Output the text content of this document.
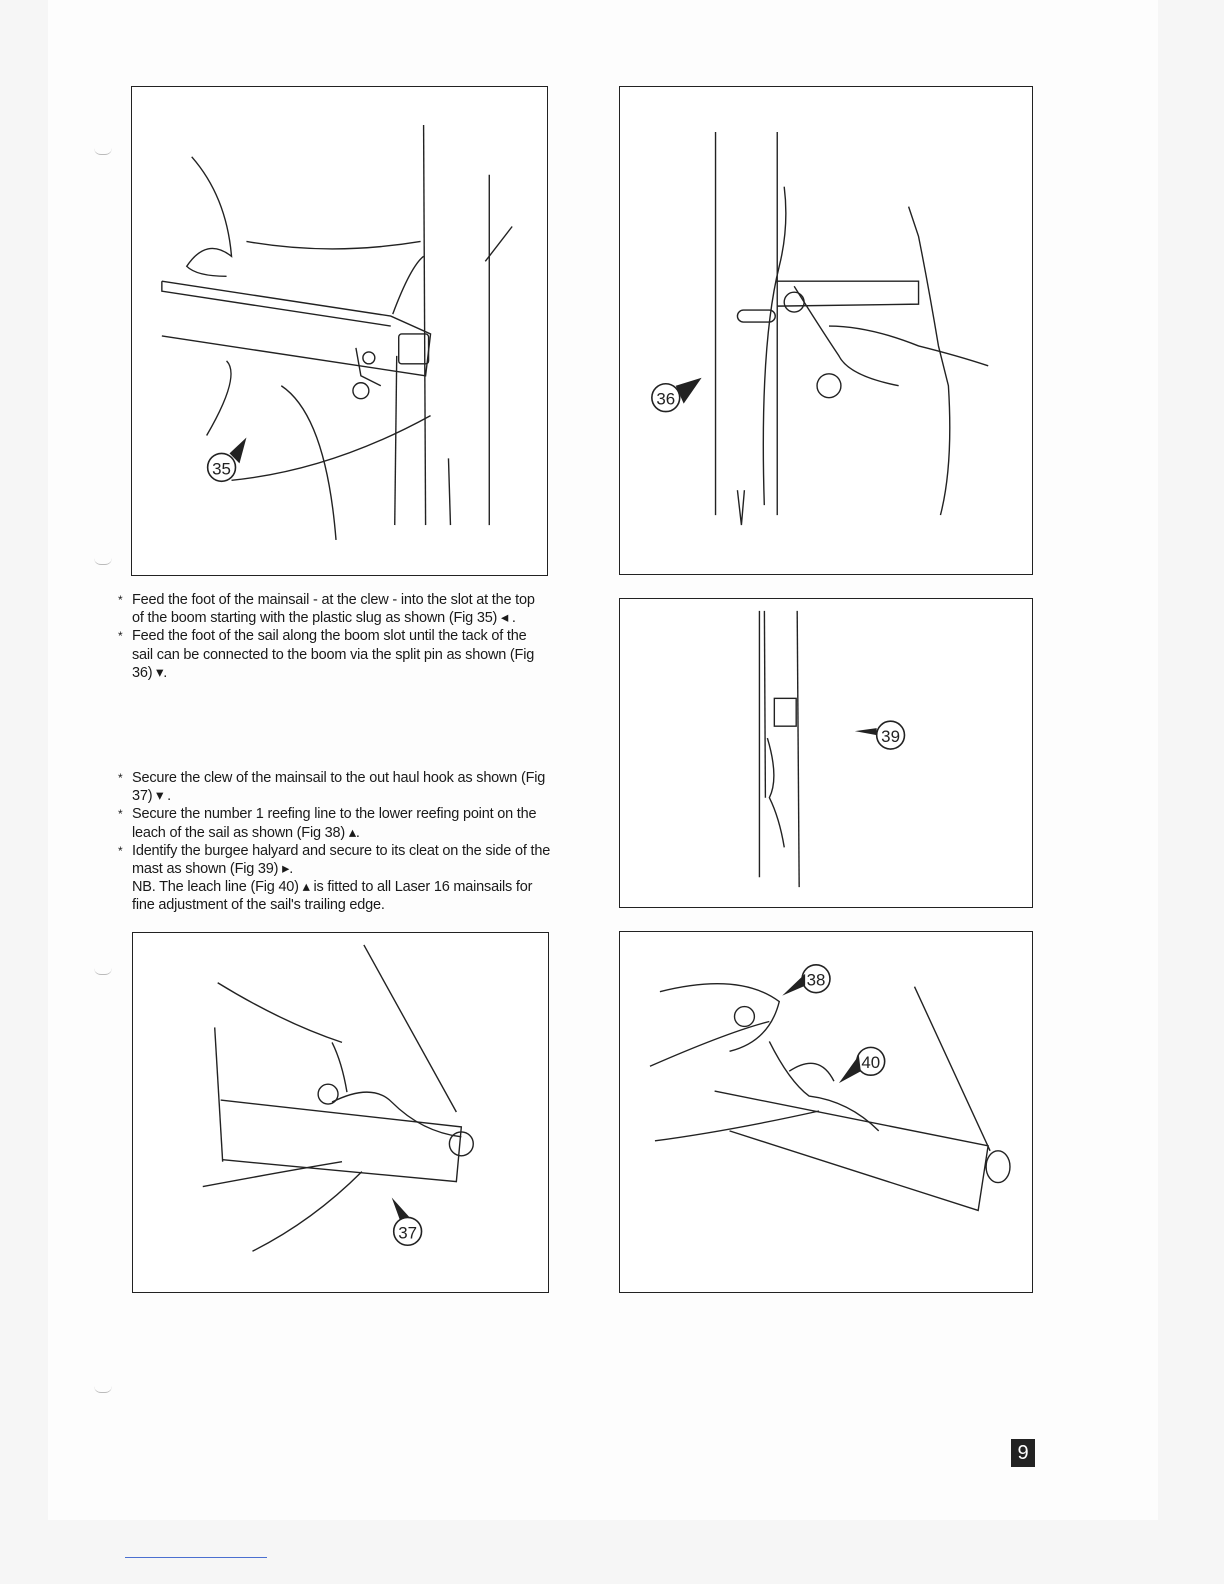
35
36
39
37
38
40

* Feed the foot of the mainsail - at the clew - into the slot at the top of the boom starting with the plastic slug as shown (Fig 35) ◂ .

* Feed the foot of the sail along the boom slot until the tack of the sail can be connected to the boom via the split pin as shown (Fig 36) ▾.

* Secure the clew of the mainsail to the out haul hook as shown (Fig 37) ▾ .

* Secure the number 1 reefing line to the lower reefing point on the leach of the sail as shown (Fig 38) ▴.

* Identify the burgee halyard and secure to its cleat on the side of the mast as shown (Fig 39) ▸.

NB. The leach line (Fig 40) ▴ is fitted to all Laser 16 mainsails for fine adjustment of the sail's trailing edge.

9
